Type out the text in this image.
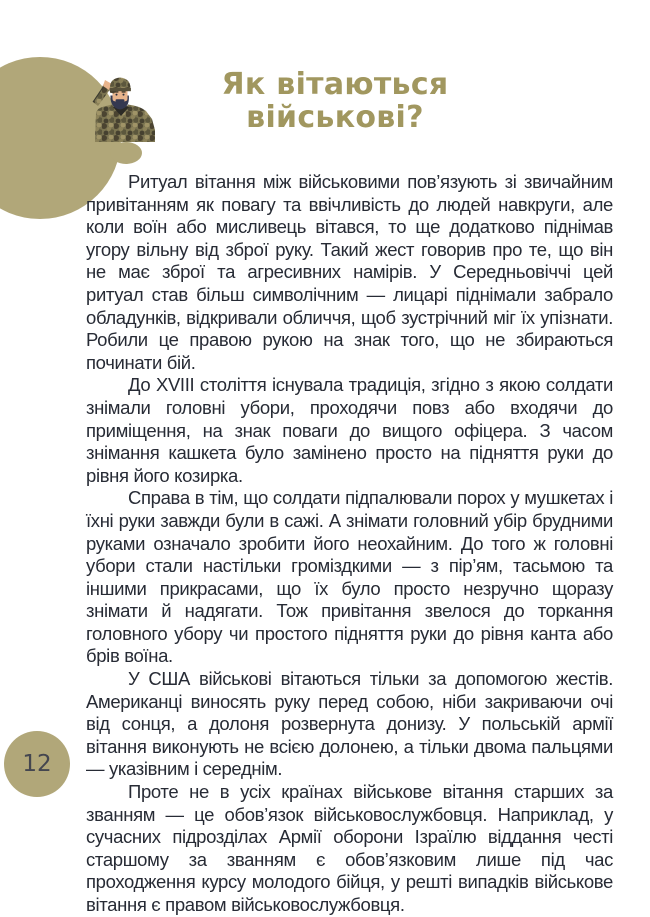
Як вітаються
військові?

Ритуал вітання між військовими пов’язують зі звичайним привітанням як повагу та ввічливість до людей навкруги, але коли воїн або мисливець вітався, то ще додатково піднімав угору вільну від зброї руку. Такий жест говорив про те, що він не має зброї та агресивних намірів. У Середньовіччі цей ритуал став більш символічним — лицарі піднімали забрало обладунків, відкривали обличчя, щоб зустрічний міг їх упізнати. Робили це правою рукою на знак того, що не збираються починати бій.

До XVIII століття існувала традиція, згідно з якою солдати знімали головні убори, проходячи повз або входячи до приміщення, на знак поваги до вищого офіцера. З часом знімання кашкета було замінено просто на підняття руки до рівня його козирка.

Справа в тім, що солдати підпалювали порох у мушкетах і їхні руки завжди були в сажі. А знімати головний убір брудними руками означало зробити його неохайним. До того ж головні убори стали настільки громіздкими — з пір’ям, тасьмою та іншими прикрасами, що їх було просто незручно щоразу знімати й надягати. Тож привітання звелося до торкання головного убору чи простого підняття руки до рівня канта або брів воїна.

У США військові вітаються тільки за допомогою жестів. Американці виносять руку перед собою, ніби закриваючи очі від сонця, а долоня розвернута донизу. У польській армії вітання виконують не всією долонею, а тільки двома пальцями — указівним і середнім.

Проте не в усіх країнах військове вітання старших за званням — це обов’язок військовослужбовця. Наприклад, у сучасних підрозділах Армії оборони Ізраїлю віддання честі старшому за званням є обов’язковим лише під час проходження курсу молодого бійця, у решті випадків військове вітання є правом військовослужбовця.

12
